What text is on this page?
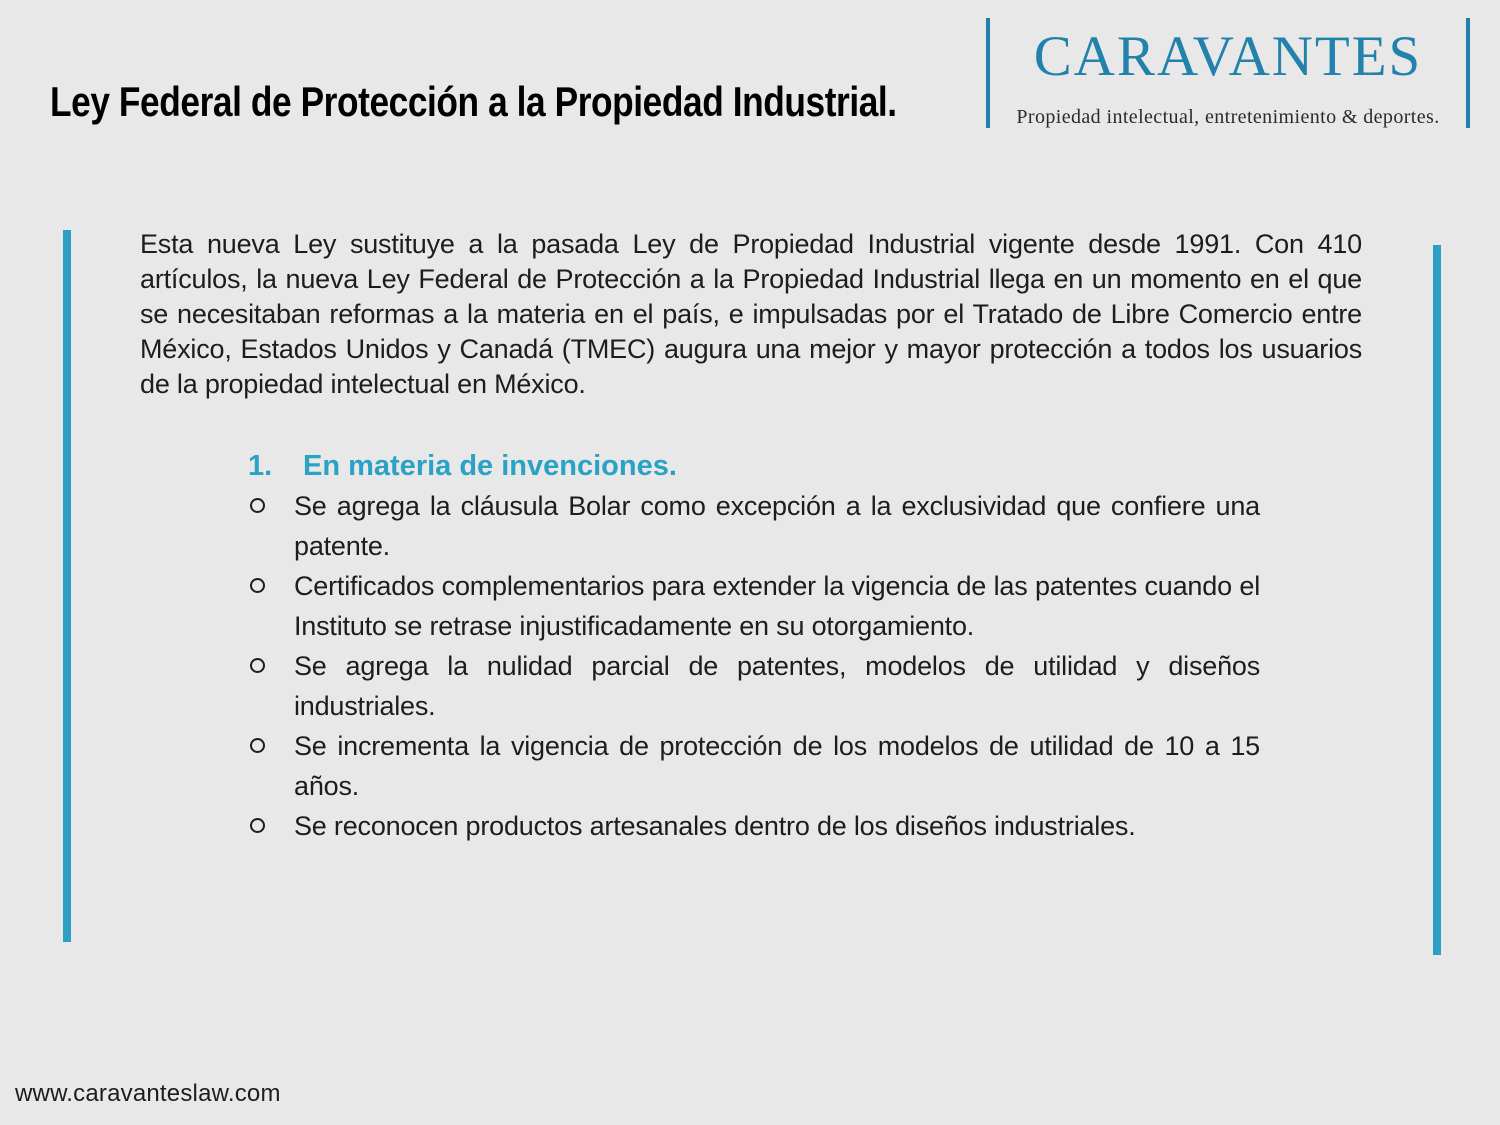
Ley Federal de Protección a la Propiedad Industrial.
CARAVANTES
Propiedad intelectual, entretenimiento & deportes.

Esta nueva Ley sustituye a la pasada Ley de Propiedad Industrial vigente desde 1991. Con 410 artículos, la nueva Ley Federal de Protección a la Propiedad Industrial llega en un momento en el que se necesitaban reformas a la materia en el país, e impulsadas por el Tratado de Libre Comercio entre México, Estados Unidos y Canadá (TMEC) augura una mejor y mayor protección a todos los usuarios de la propiedad intelectual en México.

1.	En materia de invenciones.
Se agrega la cláusula Bolar como excepción a la exclusividad que confiere una patente.
Certificados complementarios para extender la vigencia de las patentes cuando el Instituto se retrase injustificadamente en su otorgamiento.
Se agrega la nulidad parcial de patentes, modelos de utilidad y diseños industriales.
Se incrementa la vigencia de protección de los modelos de utilidad de 10 a 15 años.
Se reconocen productos artesanales dentro de los diseños industriales.
www.caravanteslaw.com
